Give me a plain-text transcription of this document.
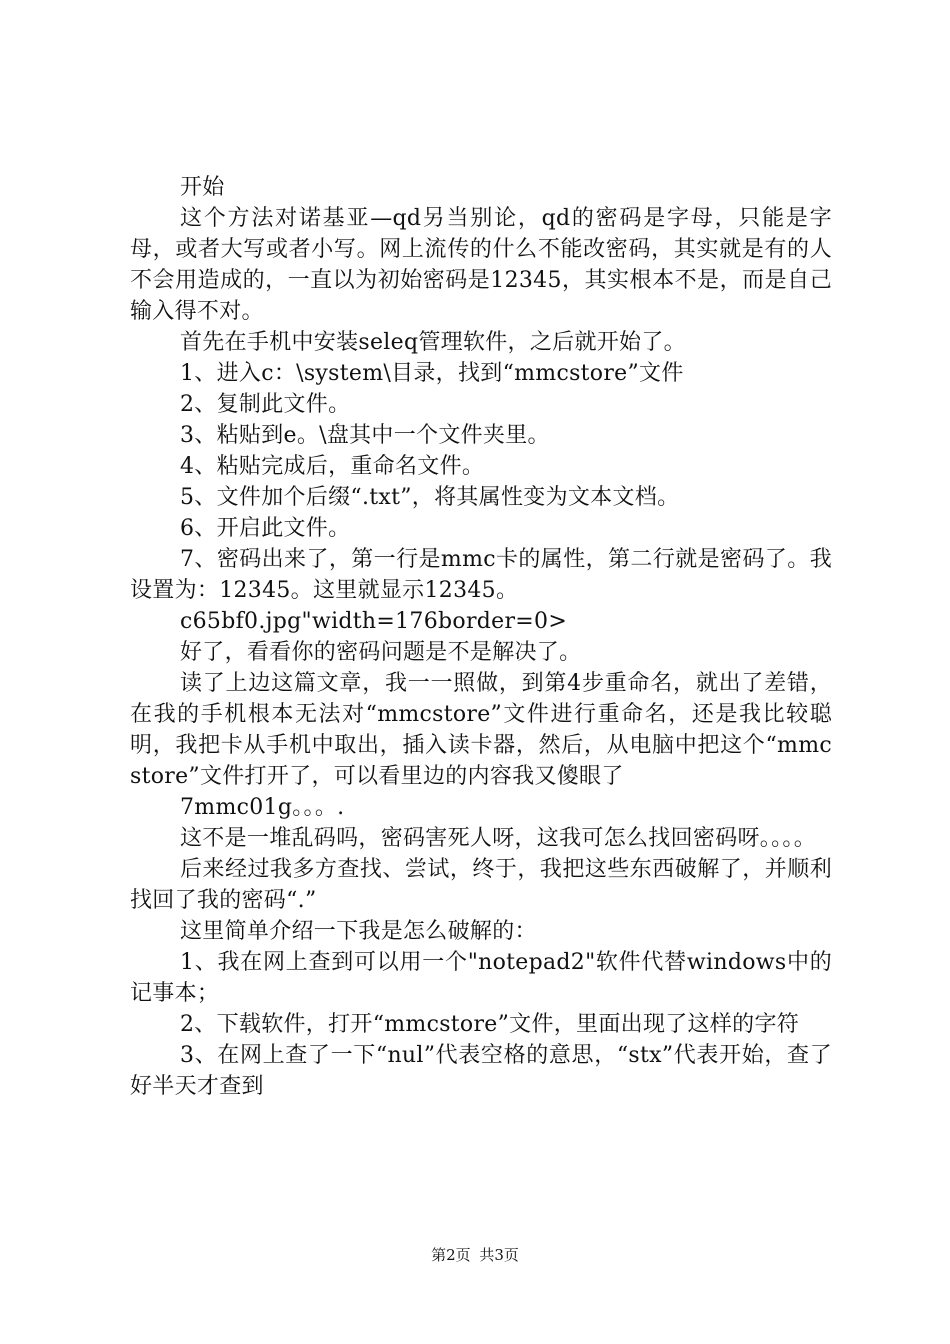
开始

这个方法对诺基亚—qd另当别论，qd的密码是字母，只能是字母，或者大写或者小写。网上流传的什么不能改密码，其实就是有的人不会用造成的，一直以为初始密码是12345，其实根本不是，而是自己输入得不对。

首先在手机中安装seleq管理软件，之后就开始了。

1、进入c：\system\目录，找到“mmcstore”文件

2、复制此文件。

3、粘贴到e。\盘其中一个文件夹里。

4、粘贴完成后，重命名文件。

5、文件加个后缀“.txt”，将其属性变为文本文档。

6、开启此文件。

7、密码出来了，第一行是mmc卡的属性，第二行就是密码了。我设置为：12345。这里就显示12345。

c65bf0.jpg"width=176border=0>

好了，看看你的密码问题是不是解决了。

读了上边这篇文章，我一一照做，到第4步重命名，就出了差错，在我的手机根本无法对“mmcstore”文件进行重命名，还是我比较聪明，我把卡从手机中取出，插入读卡器，然后，从电脑中把这个“mmcstore”文件打开了，可以看里边的内容我又傻眼了

7mmc01g。。。.

这不是一堆乱码吗，密码害死人呀，这我可怎么找回密码呀。。。。

后来经过我多方查找、尝试，终于，我把这些东西破解了，并顺利找回了我的密码“.”

这里简单介绍一下我是怎么破解的：

1、我在网上查到可以用一个"notepad2"软件代替windows中的记事本；

2、下载软件，打开“mmcstore”文件，里面出现了这样的字符

3、在网上查了一下“nul”代表空格的意思，“stx”代表开始，查了好半天才查到

第2页 共3页
